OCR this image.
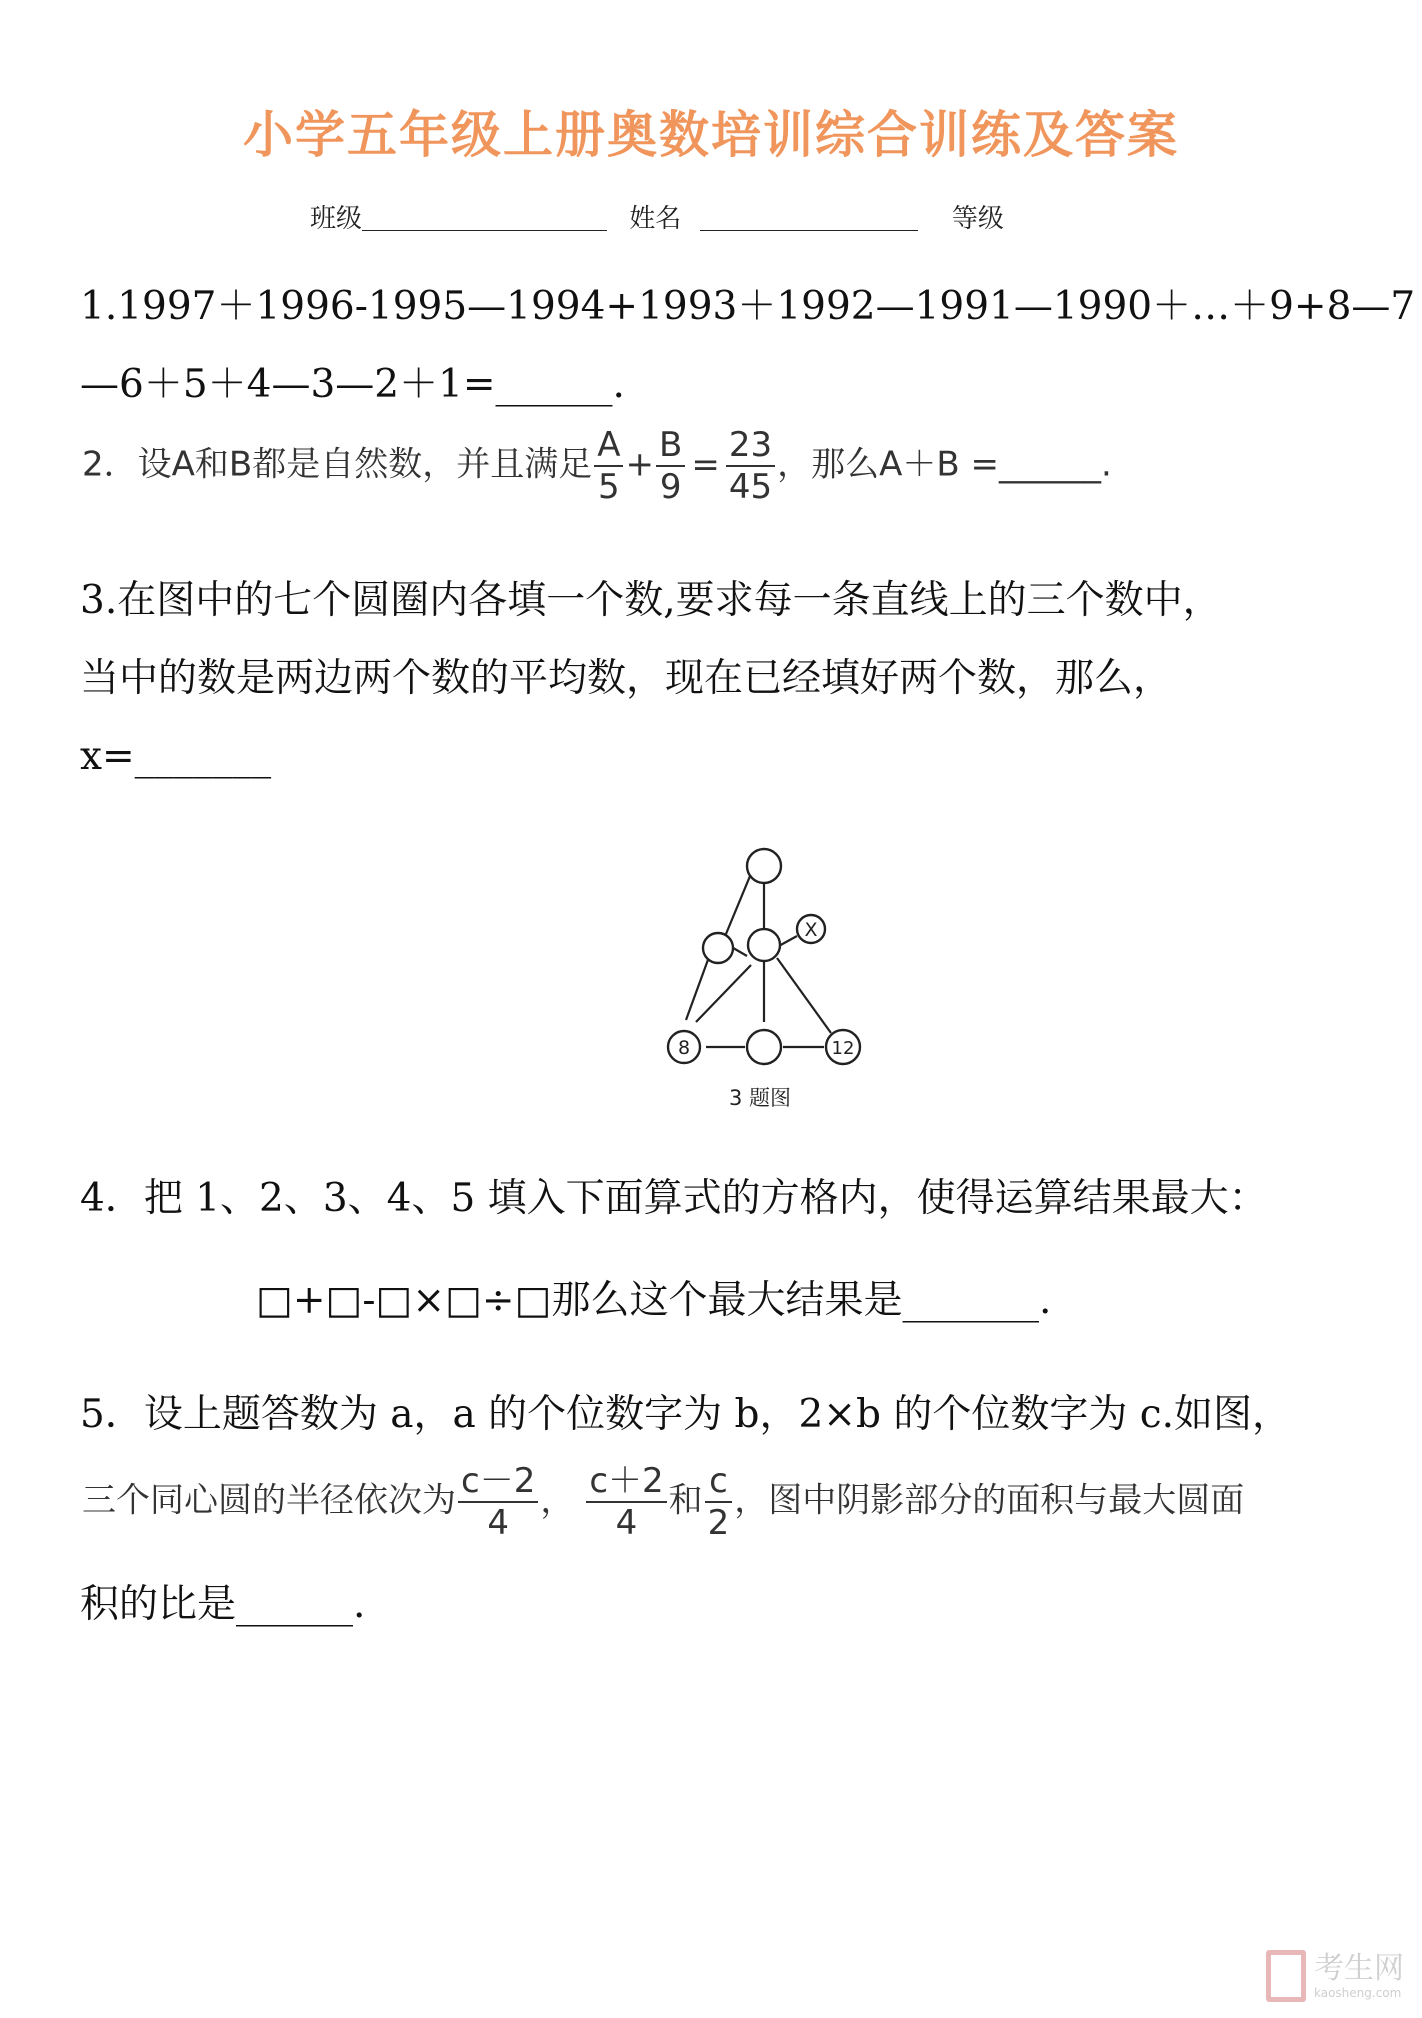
小学五年级上册奥数培训综合训练及答案
班级	姓名	等级
1.1997＋1996-1995—1994+1993＋1992—1991—1990＋…＋9+8—7
—6＋5＋4—3—2＋1=______.
2．设A和B都是自然数，并且满足 $\frac{A}{5} + \frac{B}{9} = \frac{23}{45}$ ，那么A＋B =______.
3.在图中的七个圆圈内各填一个数,要求每一条直线上的三个数中，
当中的数是两边两个数的平均数，现在已经填好两个数，那么，
x=_______
X
8	12
3 题图
4．把 1、2、3、4、5 填入下面算式的方格内，使得运算结果最大：
□+□-□×□÷□那么这个最大结果是_______.
5．设上题答数为 a，a 的个位数字为 b，2×b 的个位数字为 c.如图，
三个同心圆的半径依次为 $\frac{c-2}{4}$ ， $\frac{c+2}{4}$ 和 $\frac{c}{2}$ ，图中阴影部分的面积与最大圆面
积的比是______.
考生网
kaosheng.com
